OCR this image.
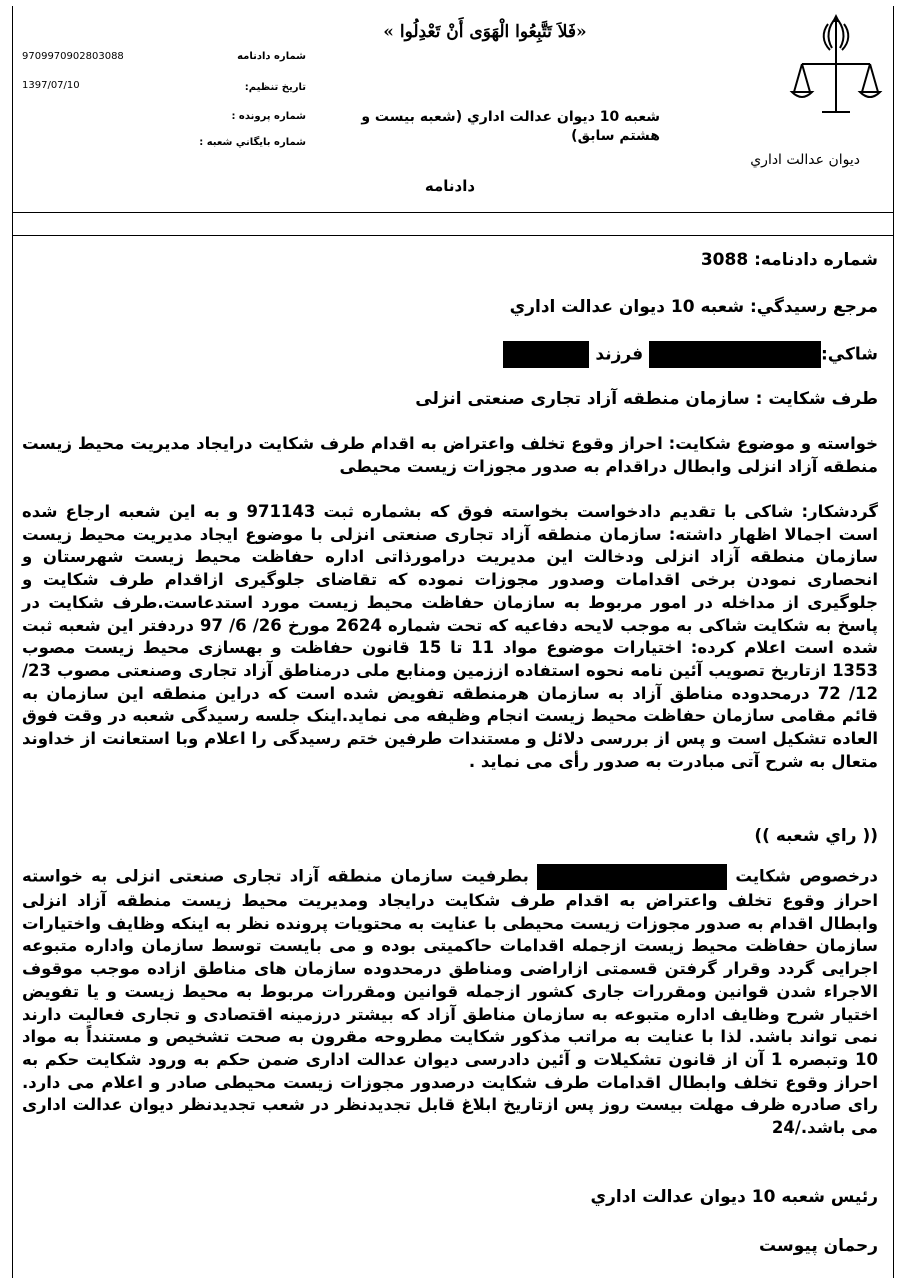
«فَلاَ تَتَّبِعُوا الْهَوَى أَنْ تَعْدِلُوا »
شماره دادنامه
9709970902803088
تاريخ تنظيم:
1397/07/10
شماره پرونده :
شماره بايگاني شعبه :
شعبه 10 ديوان عدالت اداري (شعبه بيست و هشتم سابق)
ديوان عدالت اداري
دادنامه
شماره دادنامه: 3088
مرجع رسيدگي: شعبه 10 ديوان عدالت اداري
شاکي: فرزند
طرف شکايت : سازمان منطقه آزاد تجاری صنعتی انزلی
خواسته و موضوع شکايت: احراز وقوع تخلف واعتراض به اقدام طرف شکايت درايجاد مديريت محيط زيست منطقه آزاد انزلی وابطال دراقدام به صدور مجوزات زيست محيطی
گردشکار: شاکی با تقديم دادخواست بخواسته فوق که بشماره ثبت 971143 و به اين شعبه ارجاع شده است اجمالا اظهار داشته: سازمان منطقه آزاد تجاری صنعتی انزلی با موضوع ايجاد مديريت محيط زيست سازمان منطقه آزاد انزلی ودخالت اين مديريت درامورذاتی اداره حفاظت محيط زيست شهرستان و انحصاری نمودن برخی اقدامات وصدور مجوزات نموده که تقاضای جلوگيری ازاقدام طرف شکايت و جلوگيری از مداخله در امور مربوط به سازمان حفاظت محيط زيست مورد استدعاست.طرف شکايت در پاسخ به شکايت شاکی به موجب لايحه دفاعيه که تحت شماره 2624 مورخ 26/ 6/ 97 دردفتر اين شعبه ثبت شده است اعلام کرده: اختيارات موضوع مواد 11 تا 15 قانون حفاظت و بهسازی محيط زيست مصوب 1353 ازتاريخ تصويب آئين نامه نحوه استفاده اززمين ومنابع ملی درمناطق آزاد تجاری وصنعتی مصوب 23/ 12/ 72 درمحدوده مناطق آزاد به سازمان هرمنطقه تفويض شده است که دراين منطقه اين سازمان به قائم مقامی سازمان حفاظت محيط زيست انجام وظيفه می نمايد.اينک جلسه رسيدگی شعبه در وقت فوق العاده تشکيل است و پس از بررسی دلائل و مستندات طرفين ختم رسيدگی را اعلام وبا استعانت از خداوند متعال به شرح آتی مبادرت به صدور رأی می نمايد .
(( راي شعبه ))
درخصوص شکايت  بطرفيت سازمان منطقه آزاد تجاری صنعتی انزلی به خواسته احراز وقوع تخلف واعتراض به اقدام طرف شکايت درايجاد ومديريت محيط زيست منطقه آزاد انزلی وابطال اقدام به صدور مجوزات زيست محيطی با عنايت به محتويات پرونده نظر به اينکه وظايف واختيارات سازمان حفاظت محيط زيست ازجمله اقدامات حاکميتی بوده و می بايست توسط سازمان واداره متبوعه اجرايی گردد وقرار گرفتن قسمتی ازاراضی ومناطق درمحدوده سازمان های مناطق ازاده موجب موقوف الاجراء شدن قوانين ومقررات جاری کشور ازجمله قوانين ومقررات مربوط به محيط زيست و يا تفويض اختيار شرح وظايف اداره متبوعه به سازمان مناطق آزاد که بيشتر درزمينه اقتصادی و تجاری فعاليت دارند نمی تواند باشد. لذا با عنايت به مراتب مذکور شکايت مطروحه مقرون به صحت تشخيص و مستنداً به مواد 10 وتبصره 1 آن از قانون تشکيلات و آئين دادرسی ديوان عدالت اداری ضمن حکم به ورود شکايت حکم به احراز وقوع تخلف وابطال اقدامات طرف شکايت درصدور مجوزات زيست محيطی صادر و اعلام می دارد. رای صادره ظرف مهلت بيست روز پس ازتاريخ ابلاغ قابل تجديدنظر در شعب تجديدنظر ديوان عدالت اداری می باشد./24
رئيس شعبه 10 ديوان عدالت اداري
رحمان پيوست
